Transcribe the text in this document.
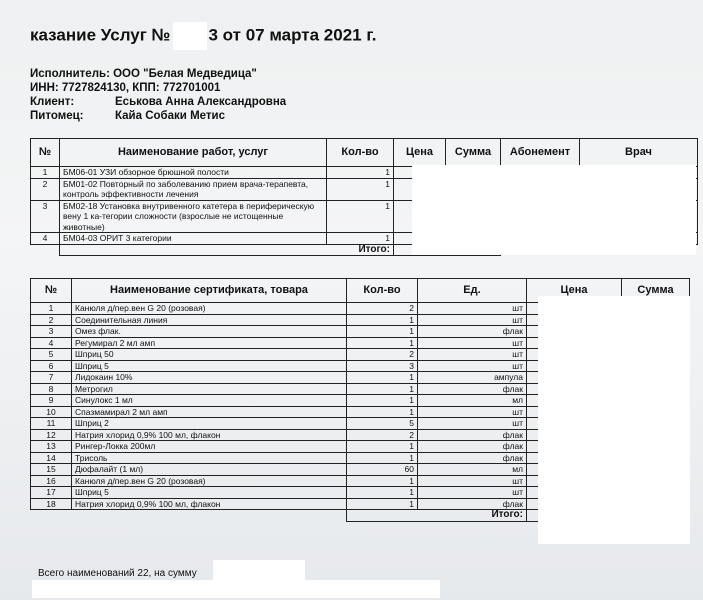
казание Услуг № 3 от 07 марта 2021 г.
Исполнитель: ООО "Белая Медведица"
ИНН: 7727824130, КПП: 772701001
Клиент:	Еськова Анна Александровна
Питомец:	Кайа Собаки Метис
№	Наименование работ, услуг	Кол-во	Цена	Сумма	Абонемент	Врач
1	БМ06-01 УЗИ обзорное брюшной полости	1				
2	БМ01-02 Повторный по заболеванию прием врача-терапевта, контроль эффективности лечения	1				
3	БМ02-18 Установка внутривенного катетера в периферическую вену 1 ка-тегории сложности (взрослые не истощенные животные)	1				
4	БМ04-03 ОРИТ 3 категории	1				
	Итого:					
№	Наименование сертификата, товара	Кол-во	Ед.	Цена	Сумма
1	Канюля д/пер.вен G 20 (розовая)	2	шт		
2	Соединительная линия	1	шт		
3	Омез флак.	1	флак		
4	Регумирал 2 мл амп	1	шт		
5	Шприц 50	2	шт		
6	Шприц 5	3	шт		
7	Лидокаин 10%	1	ампула		
8	Метрогил	1	флак		
9	Синулокс 1 мл	1	мл		
10	Спазмамирал 2 мл амп	1	шт		
11	Шприц 2	5	шт		
12	Натрия хлорид 0,9% 100 мл, флакон	2	флак		
13	Рингер-Локка 200мл	1	флак		
14	Трисоль	1	флак		
15	Дюфалайт (1 мл)	60	мл		
16	Канюля д/пер.вен G 20 (розовая)	1	шт		
17	Шприц 5	1	шт		
18	Натрия хлорид 0,9% 100 мл, флакон	1	флак		
		Итого:			
Всего наименований 22, на сумму
